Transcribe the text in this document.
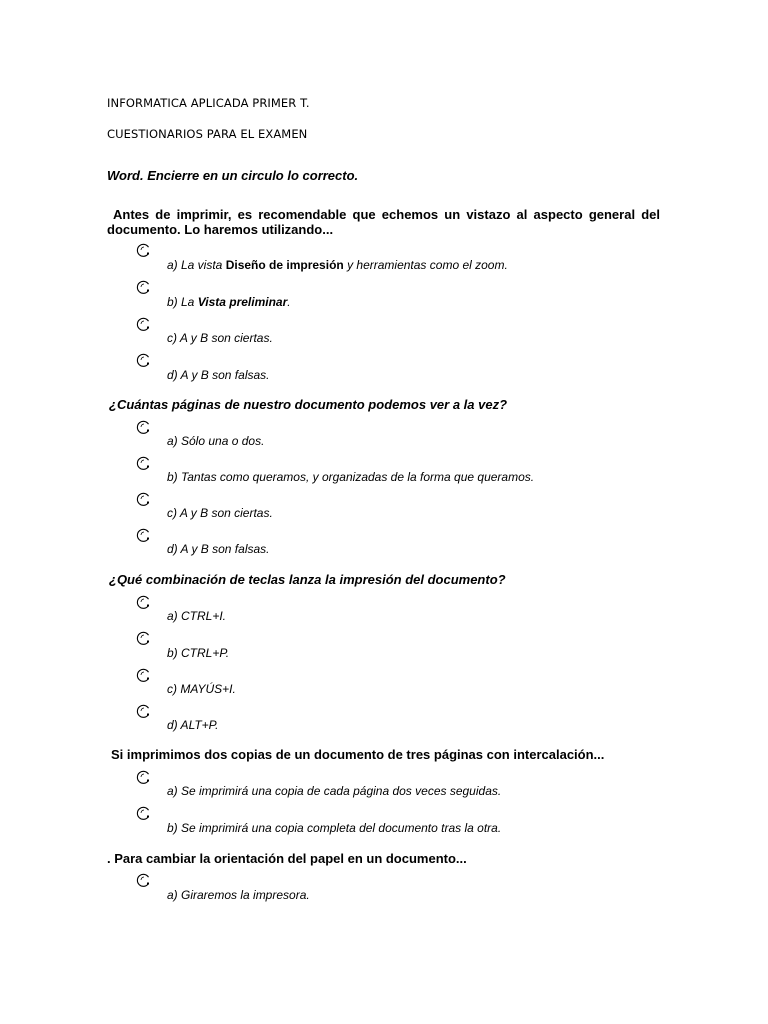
INFORMATICA APLICADA PRIMER T.
CUESTIONARIOS PARA EL EXAMEN
Word. Encierre en un circulo lo correcto.
Antes de imprimir, es recomendable que echemos un vistazo al aspecto general del
documento. Lo haremos utilizando...
a) La vista Diseño de impresión y herramientas como el zoom.
b) La Vista preliminar.
c) A y B son ciertas.
d) A y B son falsas.
¿Cuántas páginas de nuestro documento podemos ver a la vez?
a) Sólo una o dos.
b) Tantas como queramos, y organizadas de la forma que queramos.
c) A y B son ciertas.
d) A y B son falsas.
¿Qué combinación de teclas lanza la impresión del documento?
a) CTRL+I.
b) CTRL+P.
c) MAYÚS+I.
d) ALT+P.
Si imprimimos dos copias de un documento de tres páginas con intercalación...
a) Se imprimirá una copia de cada página dos veces seguidas.
b) Se imprimirá una copia completa del documento tras la otra.
. Para cambiar la orientación del papel en un documento...
a) Giraremos la impresora.
